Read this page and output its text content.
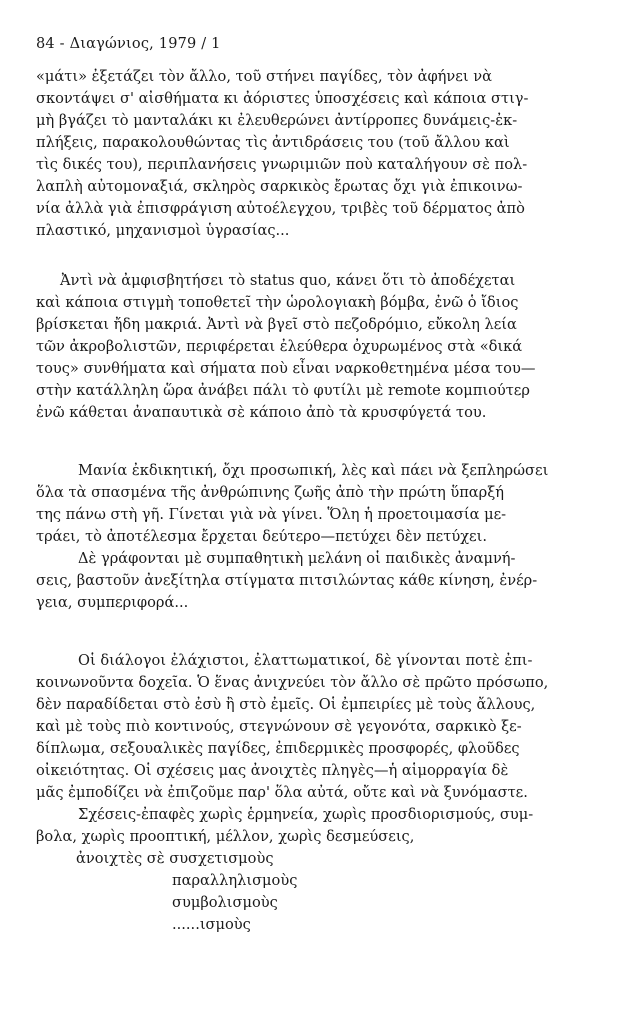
84 - Διαγώνιος, 1979 / 1
«μάτι» ἐξετάζει τὸν ἄλλο, τοῦ στήνει παγίδες, τὸν ἀφήνει νὰ
σκοντάψει σ' αἰσθήματα κι ἀόριστες ὑποσχέσεις καὶ κάποια στιγ-
μὴ βγάζει τὸ μανταλάκι κι ἐλευθερώνει ἀντίρροπες δυνάμεις-ἐκ-
πλήξεις, παρακολουθώντας τὶς ἀντιδράσεις του (τοῦ ἄλλου καὶ
τὶς δικές του), περιπλανήσεις γνωριμιῶν ποὺ καταλήγουν σὲ πολ-
λαπλὴ αὐτομοναξιά, σκληρὸς σαρκικὸς ἔρωτας ὄχι γιὰ ἐπικοινω-
νία ἀλλὰ γιὰ ἐπισφράγιση αὐτοέλεγχου, τριβὲς τοῦ δέρματος ἀπὸ
πλαστικό, μηχανισμοὶ ὑγρασίας...
Ἀντὶ νὰ ἀμφισβητήσει τὸ status quo, κάνει ὅτι τὸ ἀποδέχεται
καὶ κάποια στιγμὴ τοποθετεῖ τὴν ὡρολογιακὴ βόμβα, ἐνῶ ὁ ἴδιος
βρίσκεται ἤδη μακριά. Ἀντὶ νὰ βγεῖ στὸ πεζοδρόμιο, εὔκολη λεία
τῶν ἀκροβολιστῶν, περιφέρεται ἐλεύθερα ὀχυρωμένος στὰ «δικά
τους» συνθήματα καὶ σήματα ποὺ εἶναι ναρκοθετημένα μέσα του—
στὴν κατάλληλη ὥρα ἀνάβει πάλι τὸ φυτίλι μὲ remote κομπιούτερ
ἐνῶ κάθεται ἀναπαυτικὰ σὲ κάποιο ἀπὸ τὰ κρυσφύγετά του.
Μανία ἐκδικητική, ὄχι προσωπική, λὲς καὶ πάει νὰ ξεπληρώσει
ὅλα τὰ σπασμένα τῆς ἀνθρώπινης ζωῆς ἀπὸ τὴν πρώτη ὕπαρξή
της πάνω στὴ γῆ. Γίνεται γιὰ νὰ γίνει. Ὅλη ἡ προετοιμασία με-
τράει, τὸ ἀποτέλεσμα ἔρχεται δεύτερο—πετύχει δὲν πετύχει.
Δὲ γράφονται μὲ συμπαθητικὴ μελάνη οἱ παιδικὲς ἀναμνή-
σεις, βαστοῦν ἀνεξίτηλα στίγματα πιτσιλώντας κάθε κίνηση, ἐνέρ-
γεια, συμπεριφορά...
Οἱ διάλογοι ἐλάχιστοι, ἐλαττωματικοί, δὲ γίνονται ποτὲ ἐπι-
κοινωνοῦντα δοχεῖα. Ὁ ἕνας ἀνιχνεύει τὸν ἄλλο σὲ πρῶτο πρόσωπο,
δὲν παραδίδεται στὸ ἐσὺ ἢ στὸ ἐμεῖς. Οἱ ἐμπειρίες μὲ τοὺς ἄλλους,
καὶ μὲ τοὺς πιὸ κοντινούς, στεγνώνουν σὲ γεγονότα, σαρκικὸ ξε-
δίπλωμα, σεξουαλικὲς παγίδες, ἐπιδερμικὲς προσφορές, φλοῦδες
οἰκειότητας. Οἱ σχέσεις μας ἀνοιχτὲς πληγὲς—ἡ αἱμορραγία δὲ
μᾶς ἐμποδίζει νὰ ἐπιζοῦμε παρ' ὅλα αὐτά, οὔτε καὶ νὰ ξυνόμαστε.
Σχέσεις-ἐπαφὲς χωρὶς ἑρμηνεία, χωρὶς προσδιορισμούς, συμ-
βολα, χωρὶς προοπτική, μέλλον, χωρὶς δεσμεύσεις,
ἀνοιχτὲς σὲ συσχετισμοὺς
παραλληλισμοὺς
συμβολισμοὺς
......ισμοὺς
